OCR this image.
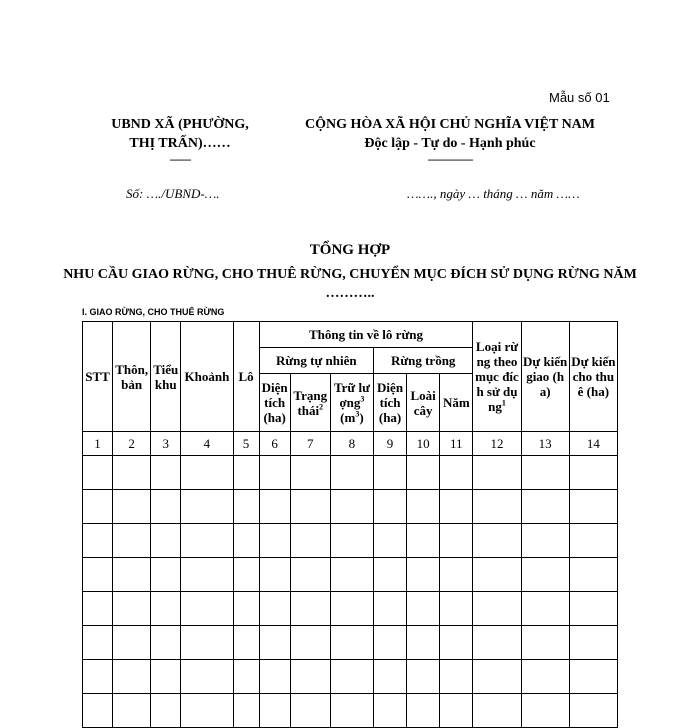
Mẫu số 01
UBND XÃ (PHƯỜNG,
THỊ TRẤN)……
-------
CỘNG HÒA XÃ HỘI CHỦ NGHĨA VIỆT NAM
Độc lập - Tự do - Hạnh phúc
---------------
Số: …./UBND-….	……., ngày … tháng … năm ……
TỔNG HỢP
NHU CẦU GIAO RỪNG, CHO THUÊ RỪNG, CHUYỂN MỤC ĐÍCH SỬ DỤNG RỪNG NĂM ………..
I. GIAO RỪNG, CHO THUÊ RỪNG
STT	Thôn, bản	Tiểu khu	Khoảnh	Lô	Thông tin về lô rừng						Loại rừng theo mục đích sử dụng$^1$	Dự kiến giao (ha)	Dự kiến cho thuê (ha)
					Rừng tự nhiên			Rừng trồng					
					Diện tích (ha)	Trạng thái$^2$	Trữ lượng$^3$ $(m^3)$	Diện tích (ha)	Loài cây	Năm			
1	2	3	4	5	6	7	8	9	10	11	12	13	14
